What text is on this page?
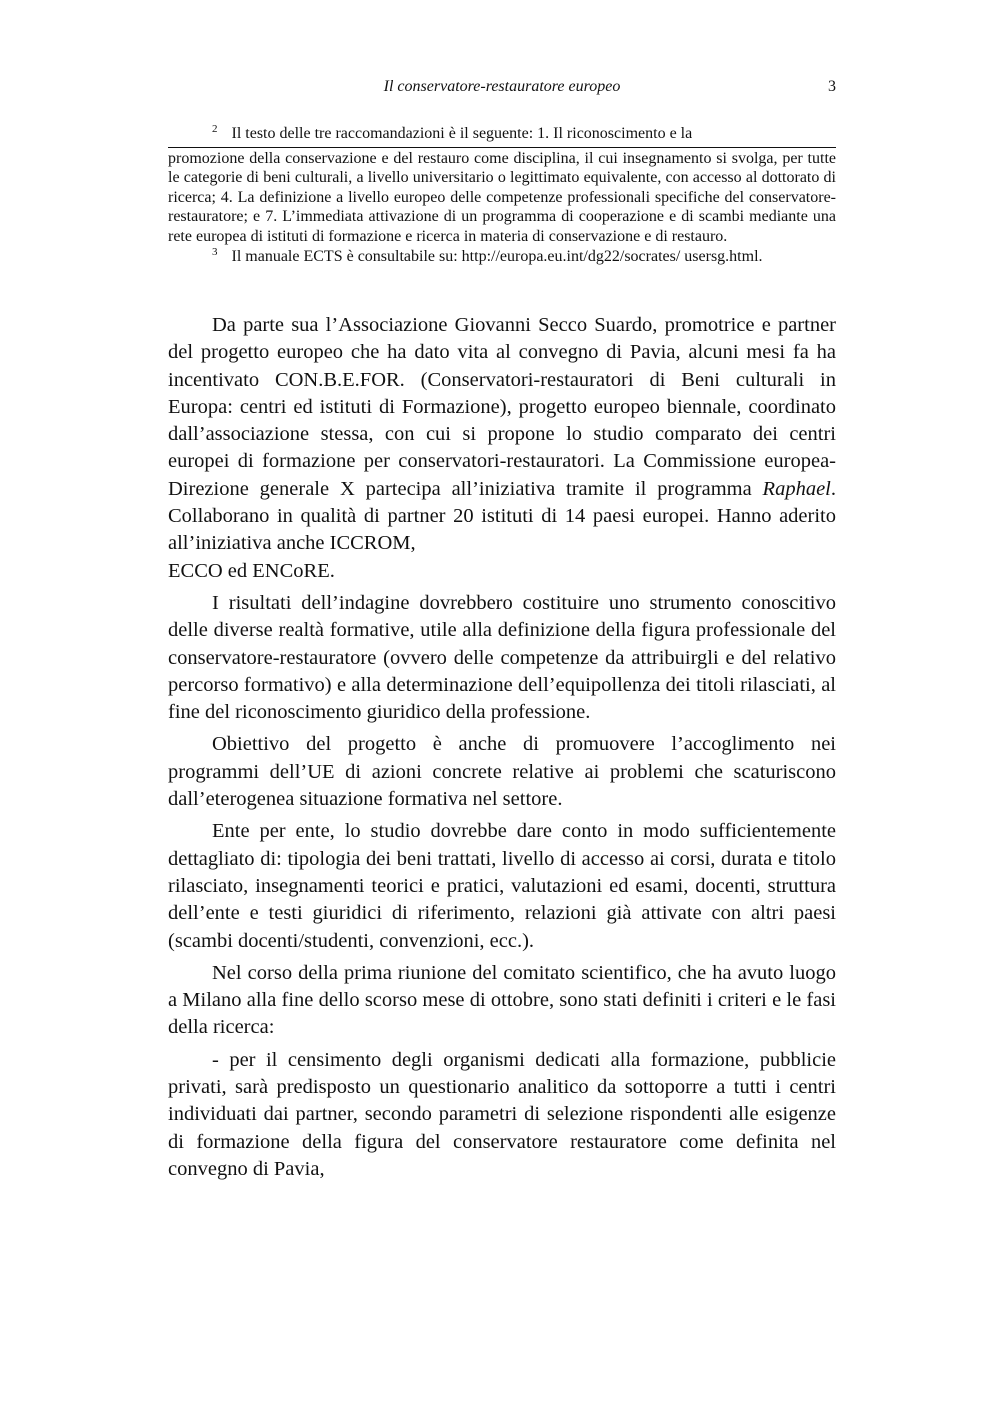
Il conservatore-restauratore europeo	3

$^2$ Il testo delle tre raccomandazioni è il seguente: 1. Il riconoscimento e la

promozione della conservazione e del restauro come disciplina, il cui insegnamento si svolga, per tutte le categorie di beni culturali, a livello universitario o legittimato equivalente, con accesso al dottorato di ricerca; 4. La definizione a livello europeo delle competenze professionali specifiche del conservatore-restauratore; e 7. L’immediata attivazione di un programma di cooperazione e di scambi mediante una rete europea di istituti di formazione e ricerca in materia di conservazione e di restauro.

$^3$ Il manuale ECTS è consultabile su: http://europa.eu.int/dg22/socrates/ usersg.html.

Da parte sua l’Associazione Giovanni Secco Suardo, promotrice e partner del progetto europeo che ha dato vita al convegno di Pavia, alcuni mesi fa ha incentivato CON.B.E.FOR. (Conservatori-restauratori di Beni culturali in Europa: centri ed istituti di Formazione), progetto europeo biennale, coordinato dall’associazione stessa, con cui si propone lo studio comparato dei centri europei di formazione per conservatori-restauratori. La Commissione europea-Direzione generale X partecipa all’iniziativa tramite il programma Raphael. Collaborano in qualità di partner 20 istituti di 14 paesi europei. Hanno aderito all’iniziativa anche ICCROM,

ECCO ed ENCoRE.

I risultati dell’indagine dovrebbero costituire uno strumento conoscitivo delle diverse realtà formative, utile alla definizione della figura professionale del conservatore-restauratore (ovvero delle competenze da attribuirgli e del relativo percorso formativo) e alla determinazione dell’equipollenza dei titoli rilasciati, al fine del riconoscimento giuridico della professione.

Obiettivo del progetto è anche di promuovere l’accoglimento nei programmi dell’UE di azioni concrete relative ai problemi che scaturiscono dall’eterogenea situazione formativa nel settore.

Ente per ente, lo studio dovrebbe dare conto in modo sufficientemente dettagliato di: tipologia dei beni trattati, livello di accesso ai corsi, durata e titolo rilasciato, insegnamenti teorici e pratici, valutazioni ed esami, docenti, struttura dell’ente e testi giuridici di riferimento, relazioni già attivate con altri paesi (scambi docenti/studenti, convenzioni, ecc.).

Nel corso della prima riunione del comitato scientifico, che ha avuto luogo a Milano alla fine dello scorso mese di ottobre, sono stati definiti i criteri e le fasi della ricerca:

- per il censimento degli organismi dedicati alla formazione, pubblicie privati, sarà predisposto un questionario analitico da sottoporre a tutti i centri individuati dai partner, secondo parametri di selezione rispondenti alle esigenze di formazione della figura del conservatore restauratore come definita nel convegno di Pavia,
